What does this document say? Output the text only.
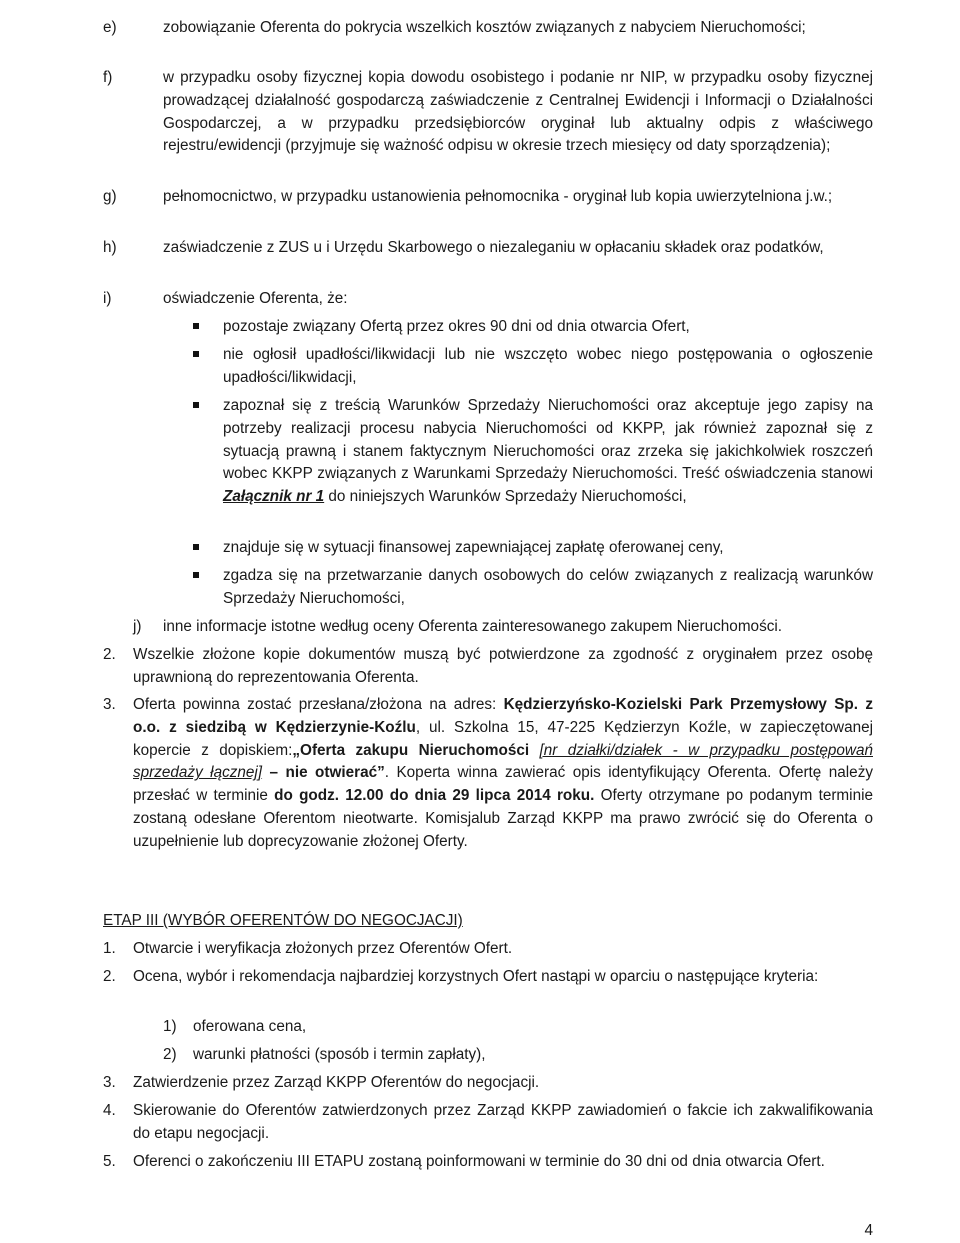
e)	zobowiązanie Oferenta do pokrycia wszelkich kosztów związanych z nabyciem Nieruchomości;
f)	w przypadku osoby fizycznej kopia dowodu osobistego i podanie nr NIP, w przypadku osoby fizycznej prowadzącej działalność gospodarczą zaświadczenie z Centralnej Ewidencji i Informacji o Działalności Gospodarczej, a w przypadku przedsiębiorców oryginał lub aktualny odpis z właściwego rejestru/ewidencji (przyjmuje się ważność odpisu w okresie trzech miesięcy od daty sporządzenia);
g)	pełnomocnictwo, w przypadku ustanowienia pełnomocnika - oryginał lub kopia uwierzytelniona j.w.;
h)	zaświadczenie z ZUS u i Urzędu Skarbowego o niezaleganiu w opłacaniu składek oraz podatków,
i)	oświadczenie Oferenta, że:
pozostaje związany Ofertą przez okres 90 dni od dnia otwarcia Ofert,
nie ogłosił upadłości/likwidacji lub nie wszczęto wobec niego postępowania o ogłoszenie upadłości/likwidacji,
zapoznał się z treścią Warunków Sprzedaży Nieruchomości oraz akceptuje jego zapisy na potrzeby realizacji procesu nabycia Nieruchomości od KKPP, jak również zapoznał się z sytuacją prawną i stanem faktycznym Nieruchomości oraz zrzeka się jakichkolwiek roszczeń wobec KKPP związanych z Warunkami Sprzedaży Nieruchomości. Treść oświadczenia stanowi Załącznik nr 1 do niniejszych Warunków Sprzedaży Nieruchomości,
znajduje się w sytuacji finansowej zapewniającej zapłatę oferowanej ceny,
zgadza się na przetwarzanie danych osobowych do celów związanych z realizacją warunków Sprzedaży Nieruchomości,
j) inne informacje istotne według oceny Oferenta zainteresowanego zakupem Nieruchomości.
2. Wszelkie złożone kopie dokumentów muszą być potwierdzone za zgodność z oryginałem przez osobę uprawnioną do reprezentowania Oferenta.
3. Oferta powinna zostać przesłana/złożona na adres: Kędzierzyńsko-Kozielski Park Przemysłowy Sp. z o.o. z siedzibą w Kędzierzynie-Koźlu, ul. Szkolna 15, 47-225 Kędzierzyn Koźle, w zapieczętowanej kopercie z dopiskiem:„Oferta zakupu Nieruchomości [nr działki/działek - w przypadku postępowań sprzedaży łącznej] – nie otwierać”. Koperta winna zawierać opis identyfikujący Oferenta. Ofertę należy przesłać w terminie do godz. 12.00 do dnia 29 lipca 2014 roku. Oferty otrzymane po podanym terminie zostaną odesłane Oferentom nieotwarte. Komisjalub Zarząd KKPP ma prawo zwrócić się do Oferenta o uzupełnienie lub doprecyzowanie złożonej Oferty.
ETAP III (WYBÓR OFERENTÓW DO NEGOCJACJI)
1. Otwarcie i weryfikacja złożonych przez Oferentów Ofert.
2. Ocena, wybór i rekomendacja najbardziej korzystnych Ofert nastąpi w oparciu o następujące kryteria:
1) oferowana cena,
2) warunki płatności (sposób i termin zapłaty),
3. Zatwierdzenie przez Zarząd KKPP Oferentów do negocjacji.
4. Skierowanie do Oferentów zatwierdzonych przez Zarząd KKPP zawiadomień o fakcie ich zakwalifikowania do etapu negocjacji.
5. Oferenci o zakończeniu III ETAPU zostaną poinformowani w terminie do 30 dni od dnia otwarcia Ofert.
4
